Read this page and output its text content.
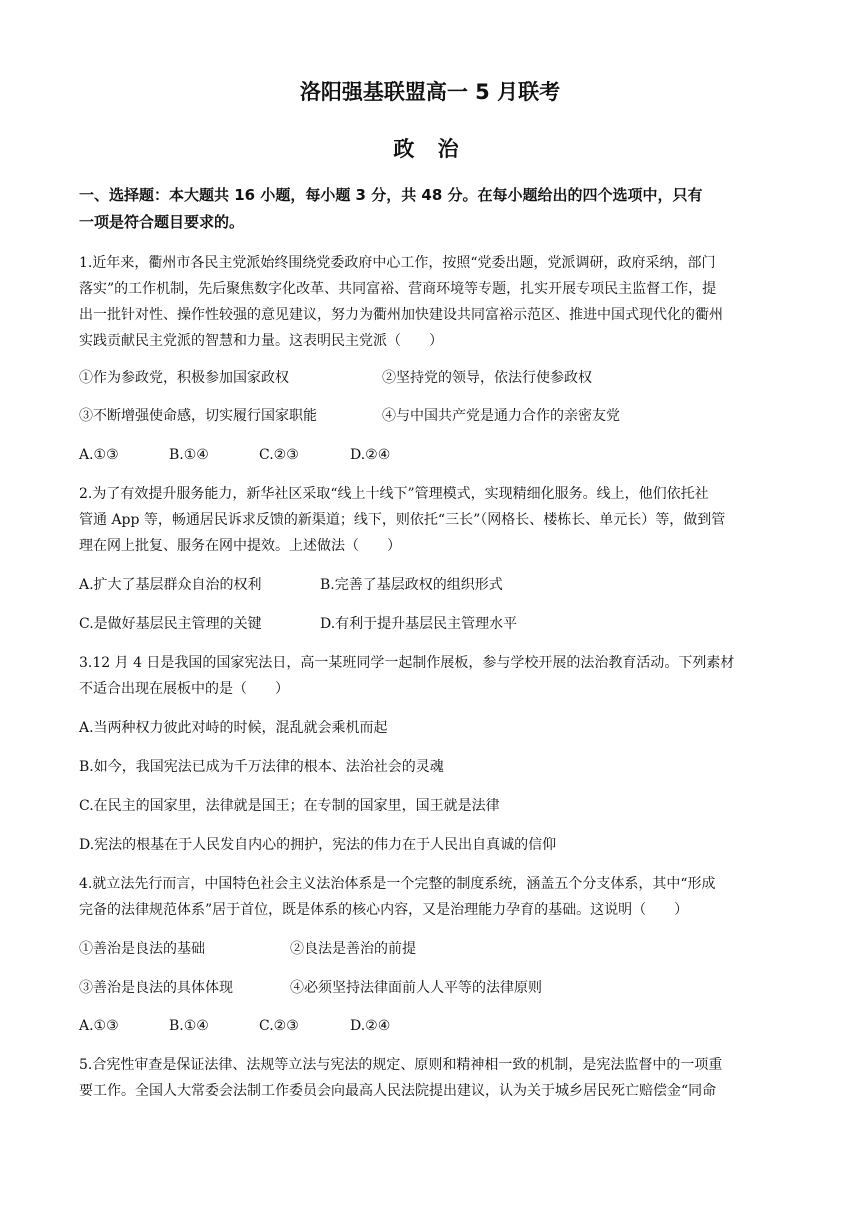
洛阳强基联盟高一 5 月联考
政 治
一、选择题：本大题共 16 小题，每小题 3 分，共 48 分。在每小题给出的四个选项中，只有
一项是符合题目要求的。
1.近年来，衢州市各民主党派始终围绕党委政府中心工作，按照“党委出题，党派调研，政府采纳，部门
落实”的工作机制，先后聚焦数字化改革、共同富裕、营商环境等专题，扎实开展专项民主监督工作，提
出一批针对性、操作性较强的意见建议，努力为衢州加快建设共同富裕示范区、推进中国式现代化的衢州
实践贡献民主党派的智慧和力量。这表明民主党派（　　）
①作为参政党，积极参加国家政权	②坚持党的领导，依法行使参政权
③不断增强使命感，切实履行国家职能	④与中国共产党是通力合作的亲密友党
A.①③	B.①④	C.②③	D.②④
2.为了有效提升服务能力，新华社区采取“线上十线下”管理模式，实现精细化服务。线上，他们依托社
管通 App 等，畅通居民诉求反馈的新渠道；线下，则依托“三长”（网格长、楼栋长、单元长）等，做到管
理在网上批复、服务在网中提效。上述做法（　　）
A.扩大了基层群众自治的权利	B.完善了基层政权的组织形式
C.是做好基层民主管理的关键	D.有利于提升基层民主管理水平
3.12 月 4 日是我国的国家宪法日，高一某班同学一起制作展板，参与学校开展的法治教育活动。下列素材
不适合出现在展板中的是（　　）
A.当两种权力彼此对峙的时候，混乱就会乘机而起
B.如今，我国宪法已成为千万法律的根本、法治社会的灵魂
C.在民主的国家里，法律就是国王；在专制的国家里，国王就是法律
D.宪法的根基在于人民发自内心的拥护，宪法的伟力在于人民出自真诚的信仰
4.就立法先行而言，中国特色社会主义法治体系是一个完整的制度系统，涵盖五个分支体系，其中“形成
完备的法律规范体系”居于首位，既是体系的核心内容，又是治理能力孕育的基础。这说明（　　）
①善治是良法的基础	②良法是善治的前提
③善治是良法的具体体现	④必须坚持法律面前人人平等的法律原则
A.①③	B.①④	C.②③	D.②④
5.合宪性审查是保证法律、法规等立法与宪法的规定、原则和精神相一致的机制，是宪法监督中的一项重
要工作。全国人大常委会法制工作委员会向最高人民法院提出建议，认为关于城乡居民死亡赔偿金“同命
